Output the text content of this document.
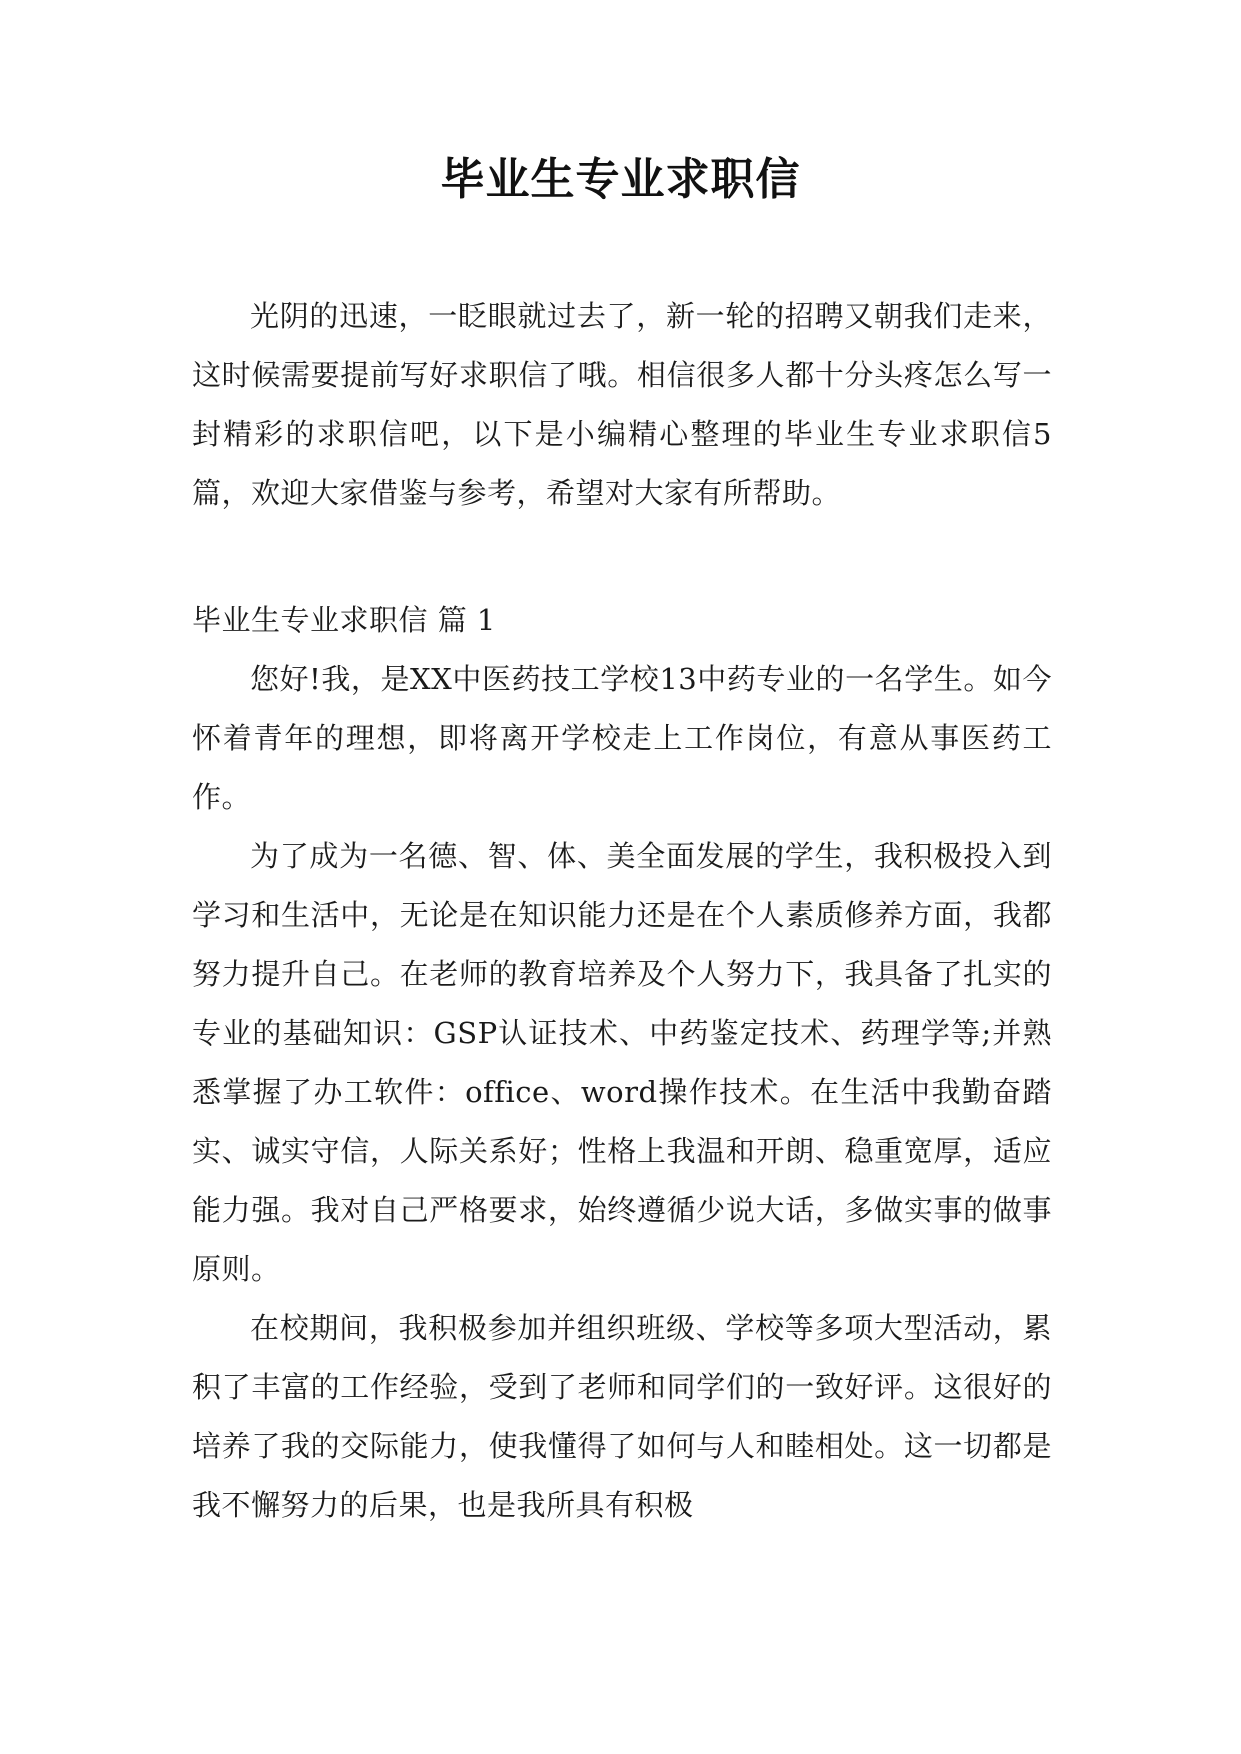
毕业生专业求职信

光阴的迅速，一眨眼就过去了，新一轮的招聘又朝我们走来，这时候需要提前写好求职信了哦。相信很多人都十分头疼怎么写一封精彩的求职信吧，以下是小编精心整理的毕业生专业求职信5篇，欢迎大家借鉴与参考，希望对大家有所帮助。

毕业生专业求职信 篇 1

您好!我，是XX中医药技工学校13中药专业的一名学生。如今怀着青年的理想，即将离开学校走上工作岗位，有意从事医药工作。

为了成为一名德、智、体、美全面发展的学生，我积极投入到学习和生活中，无论是在知识能力还是在个人素质修养方面，我都努力提升自己。在老师的教育培养及个人努力下，我具备了扎实的专业的基础知识：GSP认证技术、中药鉴定技术、药理学等;并熟悉掌握了办工软件：office、word操作技术。在生活中我勤奋踏实、诚实守信，人际关系好；性格上我温和开朗、稳重宽厚，适应能力强。我对自己严格要求，始终遵循少说大话，多做实事的做事原则。

在校期间，我积极参加并组织班级、学校等多项大型活动，累积了丰富的工作经验，受到了老师和同学们的一致好评。这很好的培养了我的交际能力，使我懂得了如何与人和睦相处。这一切都是我不懈努力的后果，也是我所具有积极
